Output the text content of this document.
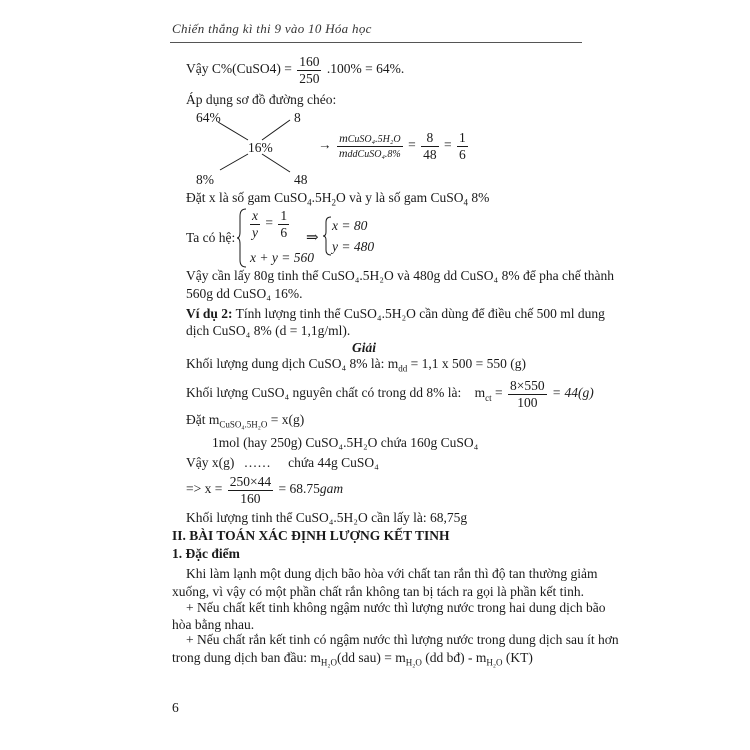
Chiến thắng kì thi 9 vào 10 Hóa học
Vậy C%(CuSO4) = $\frac{160}{250} .100\% = 64\%$.
Áp dụng sơ đồ đường chéo:
64%	8
16%
8%	48
→ $\frac{\text{mCuSO₄.5H₂O}}{\text{mddCuSO₄.8\%}} = \frac{8}{48} = \frac{1}{6}$
Đặt x là số gam $CuSO_4.5H_2O$ và y là số gam CuSO$_4$ 8%
Ta có hệ: $\frac{x}{y} = \frac{1}{6}$
x + y = 560
⇒
x = 80
y = 480
Vậy cần lấy 80g tinh thể CuSO₄.5H₂O và 480g dd CuSO₄ 8% để pha chế thành
560g dd CuSO₄ 16%.
Ví dụ 2: Tính lượng tinh thể CuSO₄.5H₂O cần dùng để điều chế 500 ml dung
dịch CuSO₄ 8% (d = 1,1g/ml).
Giải
Khối lượng dung dịch CuSO₄ 8% là: $m_{dd} = 1,1$ x 500 = 550 (g)
Khối lượng CuSO₄ nguyên chất có trong dd 8% là: $m_{ct} = \frac{8\times 550}{100} = 44(g)$
Đặt $m_{CuSO_4.5H_2O} = x(g)$
1mol (hay 250g) CuSO₄.5H₂O chứa 160g CuSO₄
Vậy x(g) …… chứa 44g CuSO₄
=> $x = \frac{250\times 44}{160} = 68.75gam$
Khối lượng tinh thể CuSO₄.5H₂O cần lấy là: 68,75g
II. BÀI TOÁN XÁC ĐỊNH LƯỢNG KẾT TINH
1. Đặc điểm
Khi làm lạnh một dung dịch bão hòa với chất tan rắn thì độ tan thường giảm
xuống, vì vậy có một phần chất rắn không tan bị tách ra gọi là phần kết tinh.
+ Nếu chất kết tinh không ngậm nước thì lượng nước trong hai dung dịch bão
hòa bằng nhau.
+ Nếu chất rắn kết tinh có ngậm nước thì lượng nước trong dung dịch sau ít hơn
trong dung dịch ban đầu: $m_{H_2O}(dd$ $sau) = m_{H_2O}$ (dd bđ) - $m_{H_2O}$ (KT)
6
